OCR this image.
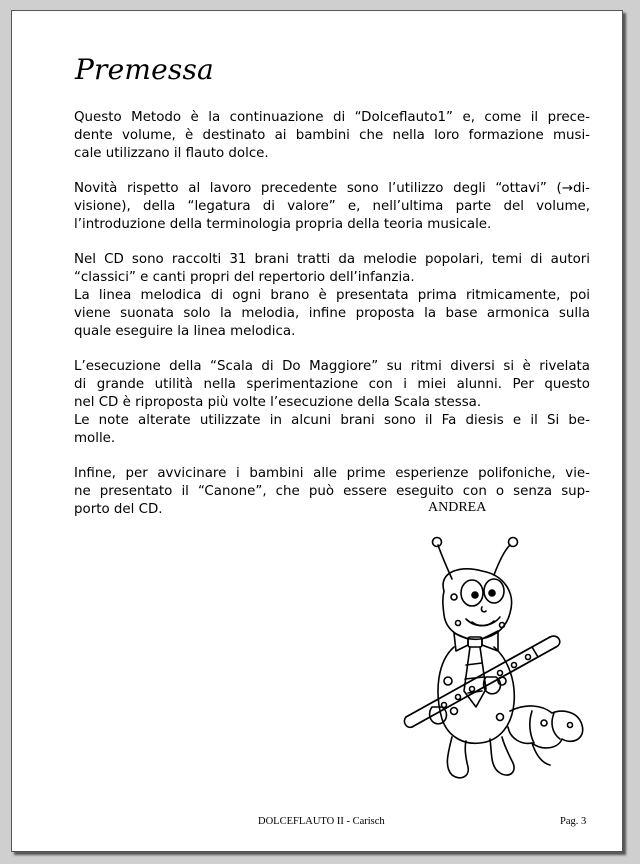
Premessa

Questo Metodo è la continuazione di “Dolceflauto1” e, come il prece-
dente volume, è destinato ai bambini che nella loro formazione musi-
cale utilizzano il flauto dolce.

Novità rispetto al lavoro precedente sono l’utilizzo degli “ottavi” (→di-
visione), della “legatura di valore” e, nell’ultima parte del volume,
l’introduzione della terminologia propria della teoria musicale.

Nel CD sono raccolti 31 brani tratti da melodie popolari, temi di autori
“classici” e canti propri del repertorio dell’infanzia.
La linea melodica di ogni brano è presentata prima ritmicamente, poi
viene suonata solo la melodia, infine proposta la base armonica sulla
quale eseguire la linea melodica.

L’esecuzione della “Scala di Do Maggiore” su ritmi diversi si è rivelata
di grande utilità nella sperimentazione con i miei alunni. Per questo
nel CD è riproposta più volte l’esecuzione della Scala stessa.
Le note alterate utilizzate in alcuni brani sono il Fa diesis e il Si be-
molle.

Infine, per avvicinare i bambini alle prime esperienze polifoniche, vie-
ne presentato il “Canone”, che può essere eseguito con o senza sup-
porto del CD.	ANDREA
DOLCEFLAUTO II - Carisch	Pag. 3
